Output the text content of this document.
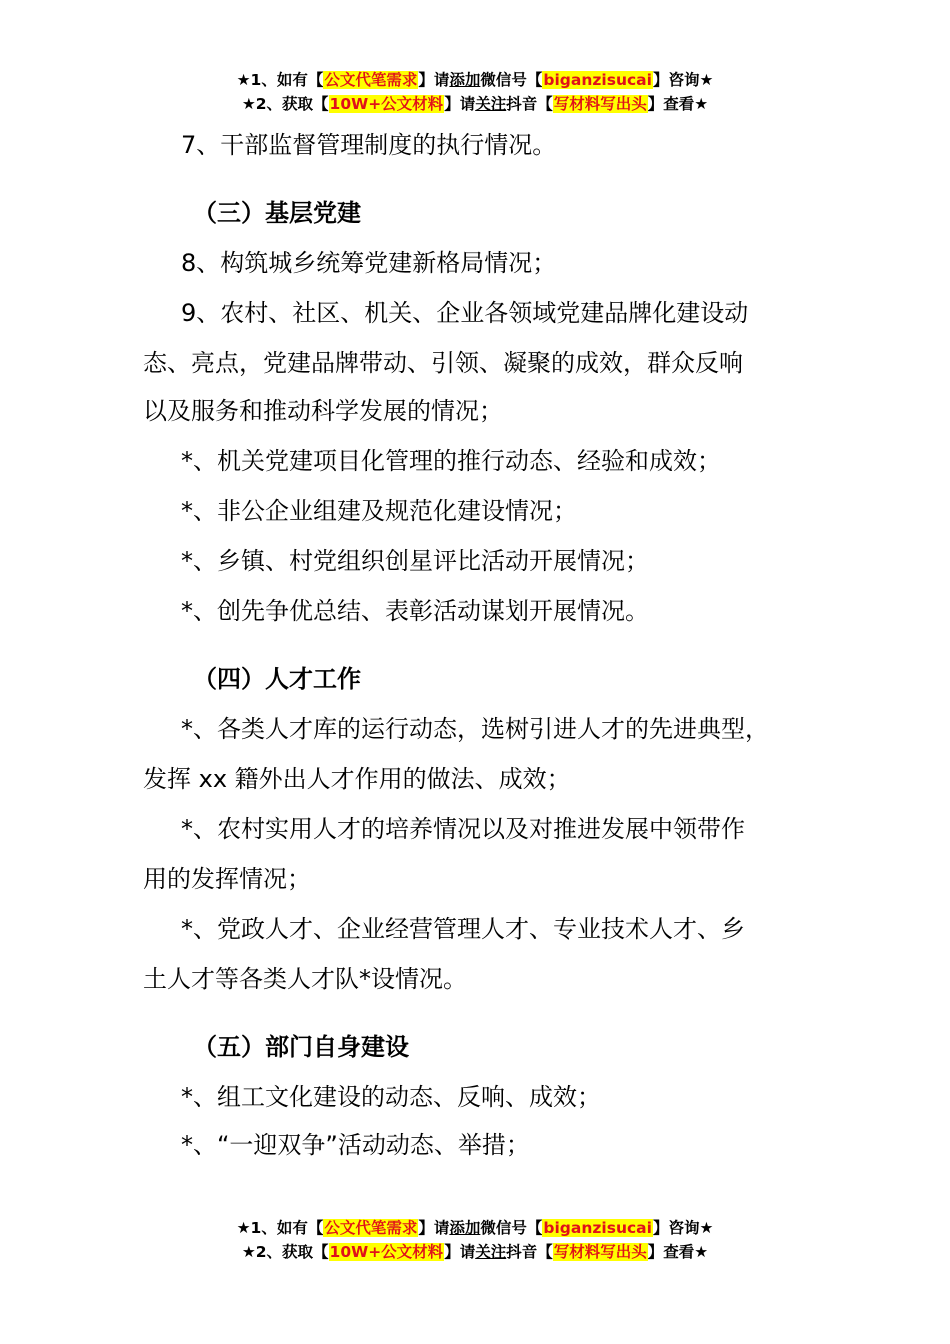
★1、如有【公文代笔需求】请添加微信号【biganzisucai】咨询★
★2、获取【10W+公文材料】请关注抖音【写材料写出头】查看★
7、干部监督管理制度的执行情况。
（三）基层党建
8、构筑城乡统筹党建新格局情况；
9、农村、社区、机关、企业各领域党建品牌化建设动
态、亮点，党建品牌带动、引领、凝聚的成效，群众反响
以及服务和推动科学发展的情况；
*、机关党建项目化管理的推行动态、经验和成效；
*、非公企业组建及规范化建设情况；
*、乡镇、村党组织创星评比活动开展情况；
*、创先争优总结、表彰活动谋划开展情况。
（四）人才工作
*、各类人才库的运行动态，选树引进人才的先进典型，
发挥 xx 籍外出人才作用的做法、成效；
*、农村实用人才的培养情况以及对推进发展中领带作
用的发挥情况；
*、党政人才、企业经营管理人才、专业技术人才、乡
土人才等各类人才队*设情况。
（五）部门自身建设
*、组工文化建设的动态、反响、成效；
*、“一迎双争”活动动态、举措；
★1、如有【公文代笔需求】请添加微信号【biganzisucai】咨询★
★2、获取【10W+公文材料】请关注抖音【写材料写出头】查看★
